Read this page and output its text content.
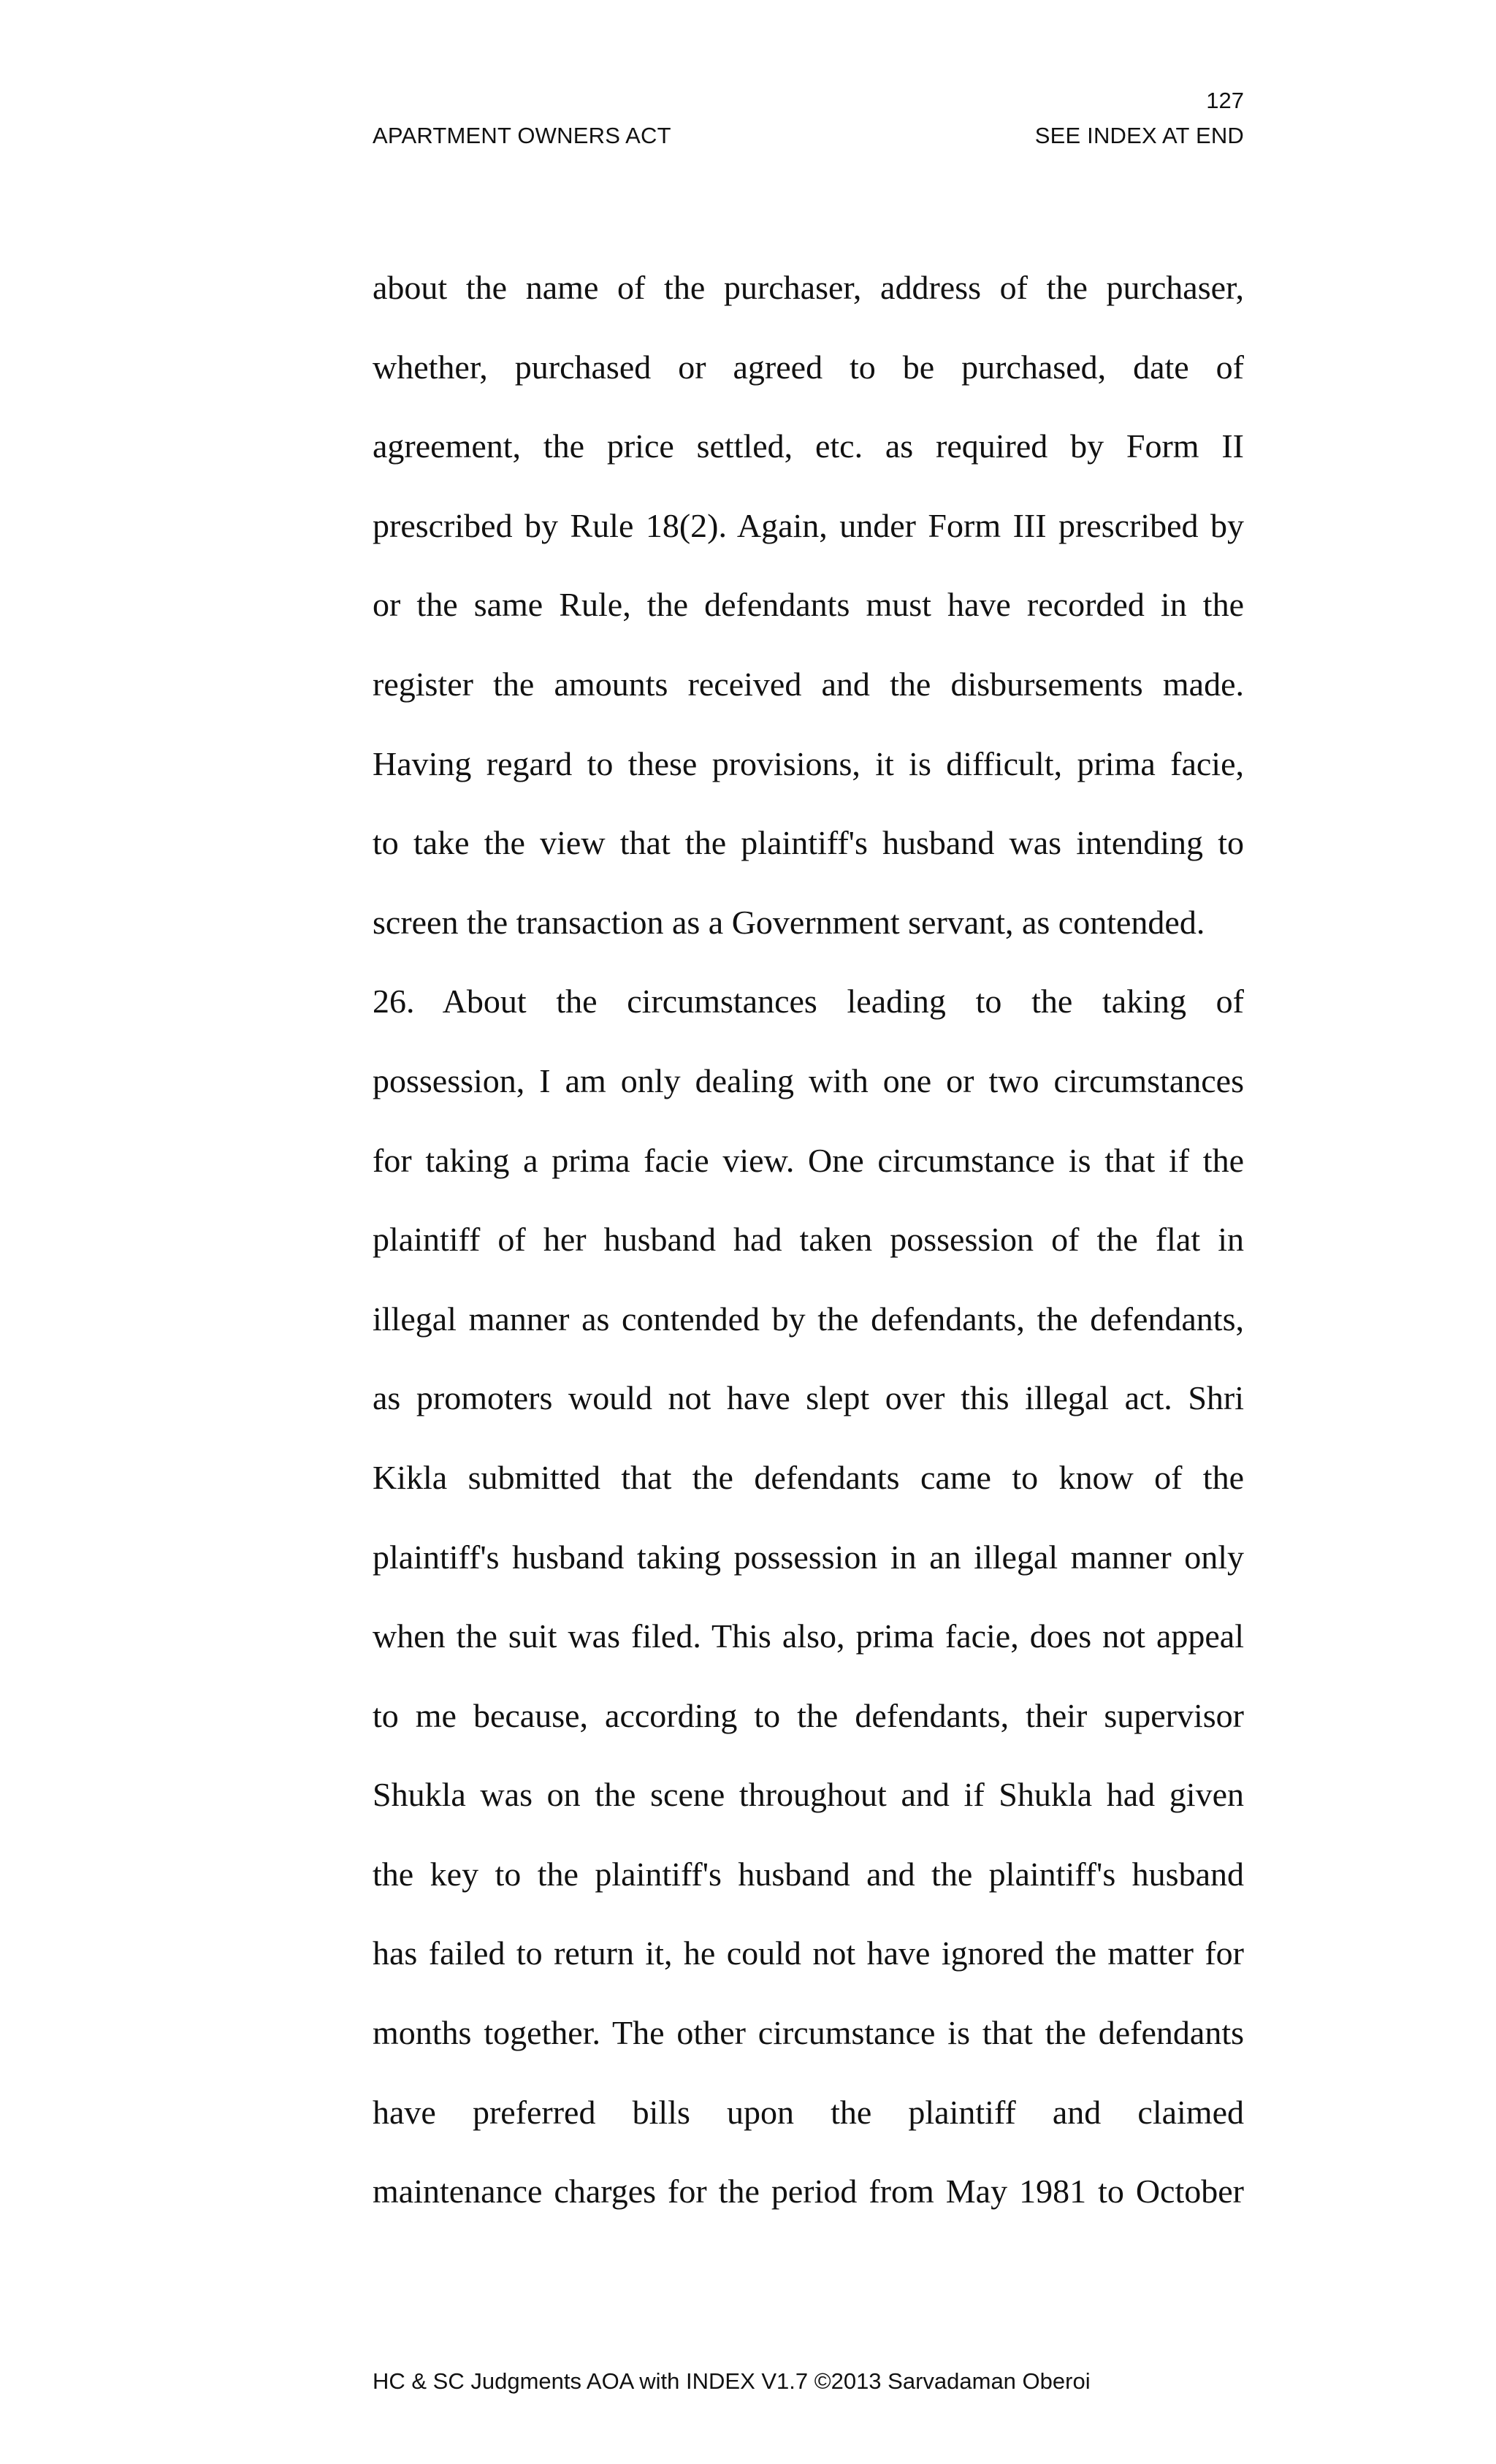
127
APARTMENT OWNERS ACT	SEE INDEX AT END
about the name of the purchaser, address of the purchaser,
whether, purchased or agreed to be purchased, date of
agreement, the price settled, etc. as required by Form II
prescribed by Rule 18(2). Again, under Form III prescribed by
or the same Rule, the defendants must have recorded in the
register the amounts received and the disbursements made.
Having regard to these provisions, it is difficult, prima facie,
to take the view that the plaintiff's husband was intending to
screen the transaction as a Government servant, as contended.
26. About the circumstances leading to the taking of
possession, I am only dealing with one or two circumstances
for taking a prima facie view. One circumstance is that if the
plaintiff of her husband had taken possession of the flat in
illegal manner as contended by the defendants, the defendants,
as promoters would not have slept over this illegal act. Shri
Kikla submitted that the defendants came to know of the
plaintiff's husband taking possession in an illegal manner only
when the suit was filed. This also, prima facie, does not appeal
to me because, according to the defendants, their supervisor
Shukla was on the scene throughout and if Shukla had given
the key to the plaintiff's husband and the plaintiff's husband
has failed to return it, he could not have ignored the matter for
months together. The other circumstance is that the defendants
have preferred bills upon the plaintiff and claimed
maintenance charges for the period from May 1981 to October
HC & SC Judgments AOA with INDEX V1.7 ©2013 Sarvadaman Oberoi
